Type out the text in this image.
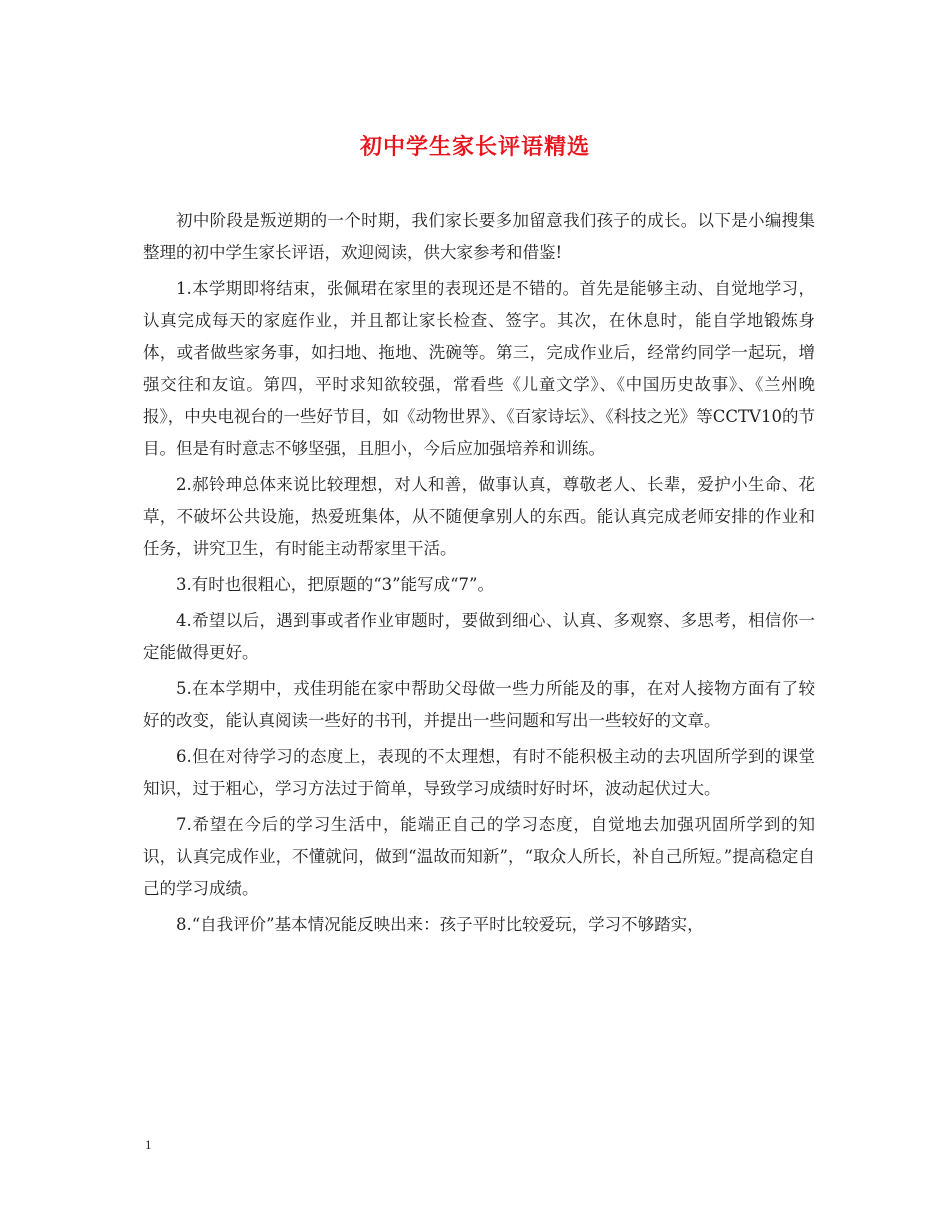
初中学生家长评语精选

初中阶段是叛逆期的一个时期，我们家长要多加留意我们孩子的成长。以下是小编搜集整理的初中学生家长评语，欢迎阅读，供大家参考和借鉴!

1.本学期即将结束，张佩珺在家里的表现还是不错的。首先是能够主动、自觉地学习，认真完成每天的家庭作业，并且都让家长检查、签字。其次，在休息时，能自学地锻炼身体，或者做些家务事，如扫地、拖地、洗碗等。第三，完成作业后，经常约同学一起玩，增强交往和友谊。第四，平时求知欲较强，常看些《儿童文学》、《中国历史故事》、《兰州晚报》，中央电视台的一些好节目，如《动物世界》、《百家诗坛》、《科技之光》等CCTV10的节目。但是有时意志不够坚强，且胆小，今后应加强培养和训练。

2.郝铃珅总体来说比较理想，对人和善，做事认真，尊敬老人、长辈，爱护小生命、花草，不破坏公共设施，热爱班集体，从不随便拿别人的东西。能认真完成老师安排的作业和任务，讲究卫生，有时能主动帮家里干活。

3.有时也很粗心，把原题的“3”能写成“7”。

4.希望以后，遇到事或者作业审题时，要做到细心、认真、多观察、多思考，相信你一定能做得更好。

5.在本学期中，戎佳玥能在家中帮助父母做一些力所能及的事，在对人接物方面有了较好的改变，能认真阅读一些好的书刊，并提出一些问题和写出一些较好的文章。

6.但在对待学习的态度上，表现的不太理想，有时不能积极主动的去巩固所学到的课堂知识，过于粗心，学习方法过于简单，导致学习成绩时好时坏，波动起伏过大。

7.希望在今后的学习生活中，能端正自己的学习态度，自觉地去加强巩固所学到的知识，认真完成作业，不懂就问，做到“温故而知新”，“取众人所长，补自己所短。”提高稳定自己的学习成绩。

8.“自我评价”基本情况能反映出来：孩子平时比较爱玩，学习不够踏实，

1
